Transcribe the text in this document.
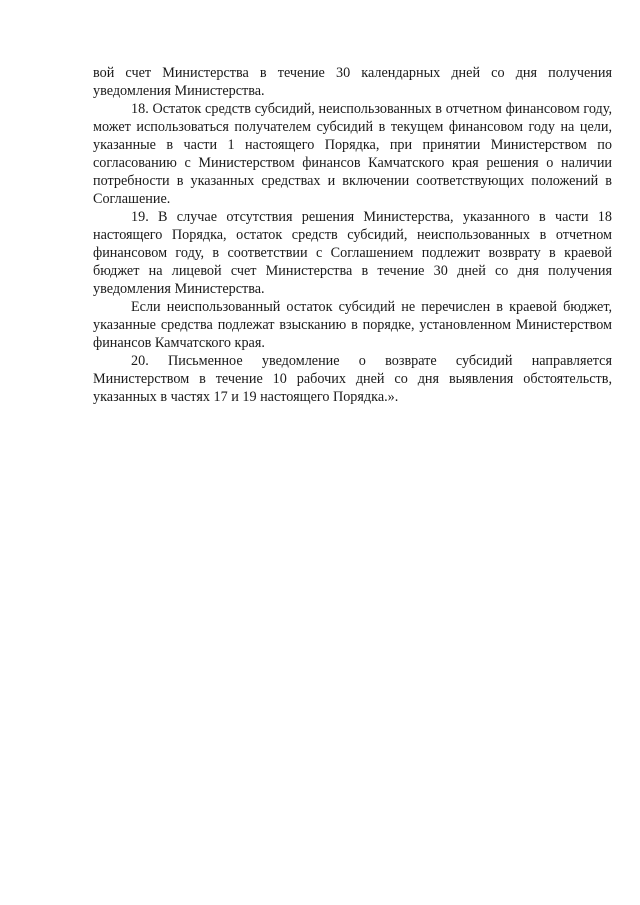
вой счет Министерства в течение 30 календарных дней со дня получения уведомления Министерства.

18. Остаток средств субсидий, неиспользованных в отчетном финансовом году, может использоваться получателем субсидий в текущем финансовом году на цели, указанные в части 1 настоящего Порядка, при принятии Министерством по согласованию с Министерством финансов Камчатского края решения о наличии потребности в указанных средствах и включении соответствующих положений в Соглашение.

19. В случае отсутствия решения Министерства, указанного в части 18 настоящего Порядка, остаток средств субсидий, неиспользованных в отчетном финансовом году, в соответствии с Соглашением подлежит возврату в краевой бюджет на лицевой счет Министерства в течение 30 дней со дня получения уведомления Министерства.

Если неиспользованный остаток субсидий не перечислен в краевой бюджет, указанные средства подлежат взысканию в порядке, установленном Министерством финансов Камчатского края.

20. Письменное уведомление о возврате субсидий направляется Министерством в течение 10 рабочих дней со дня выявления обстоятельств, указанных в частях 17 и 19 настоящего Порядка.».
